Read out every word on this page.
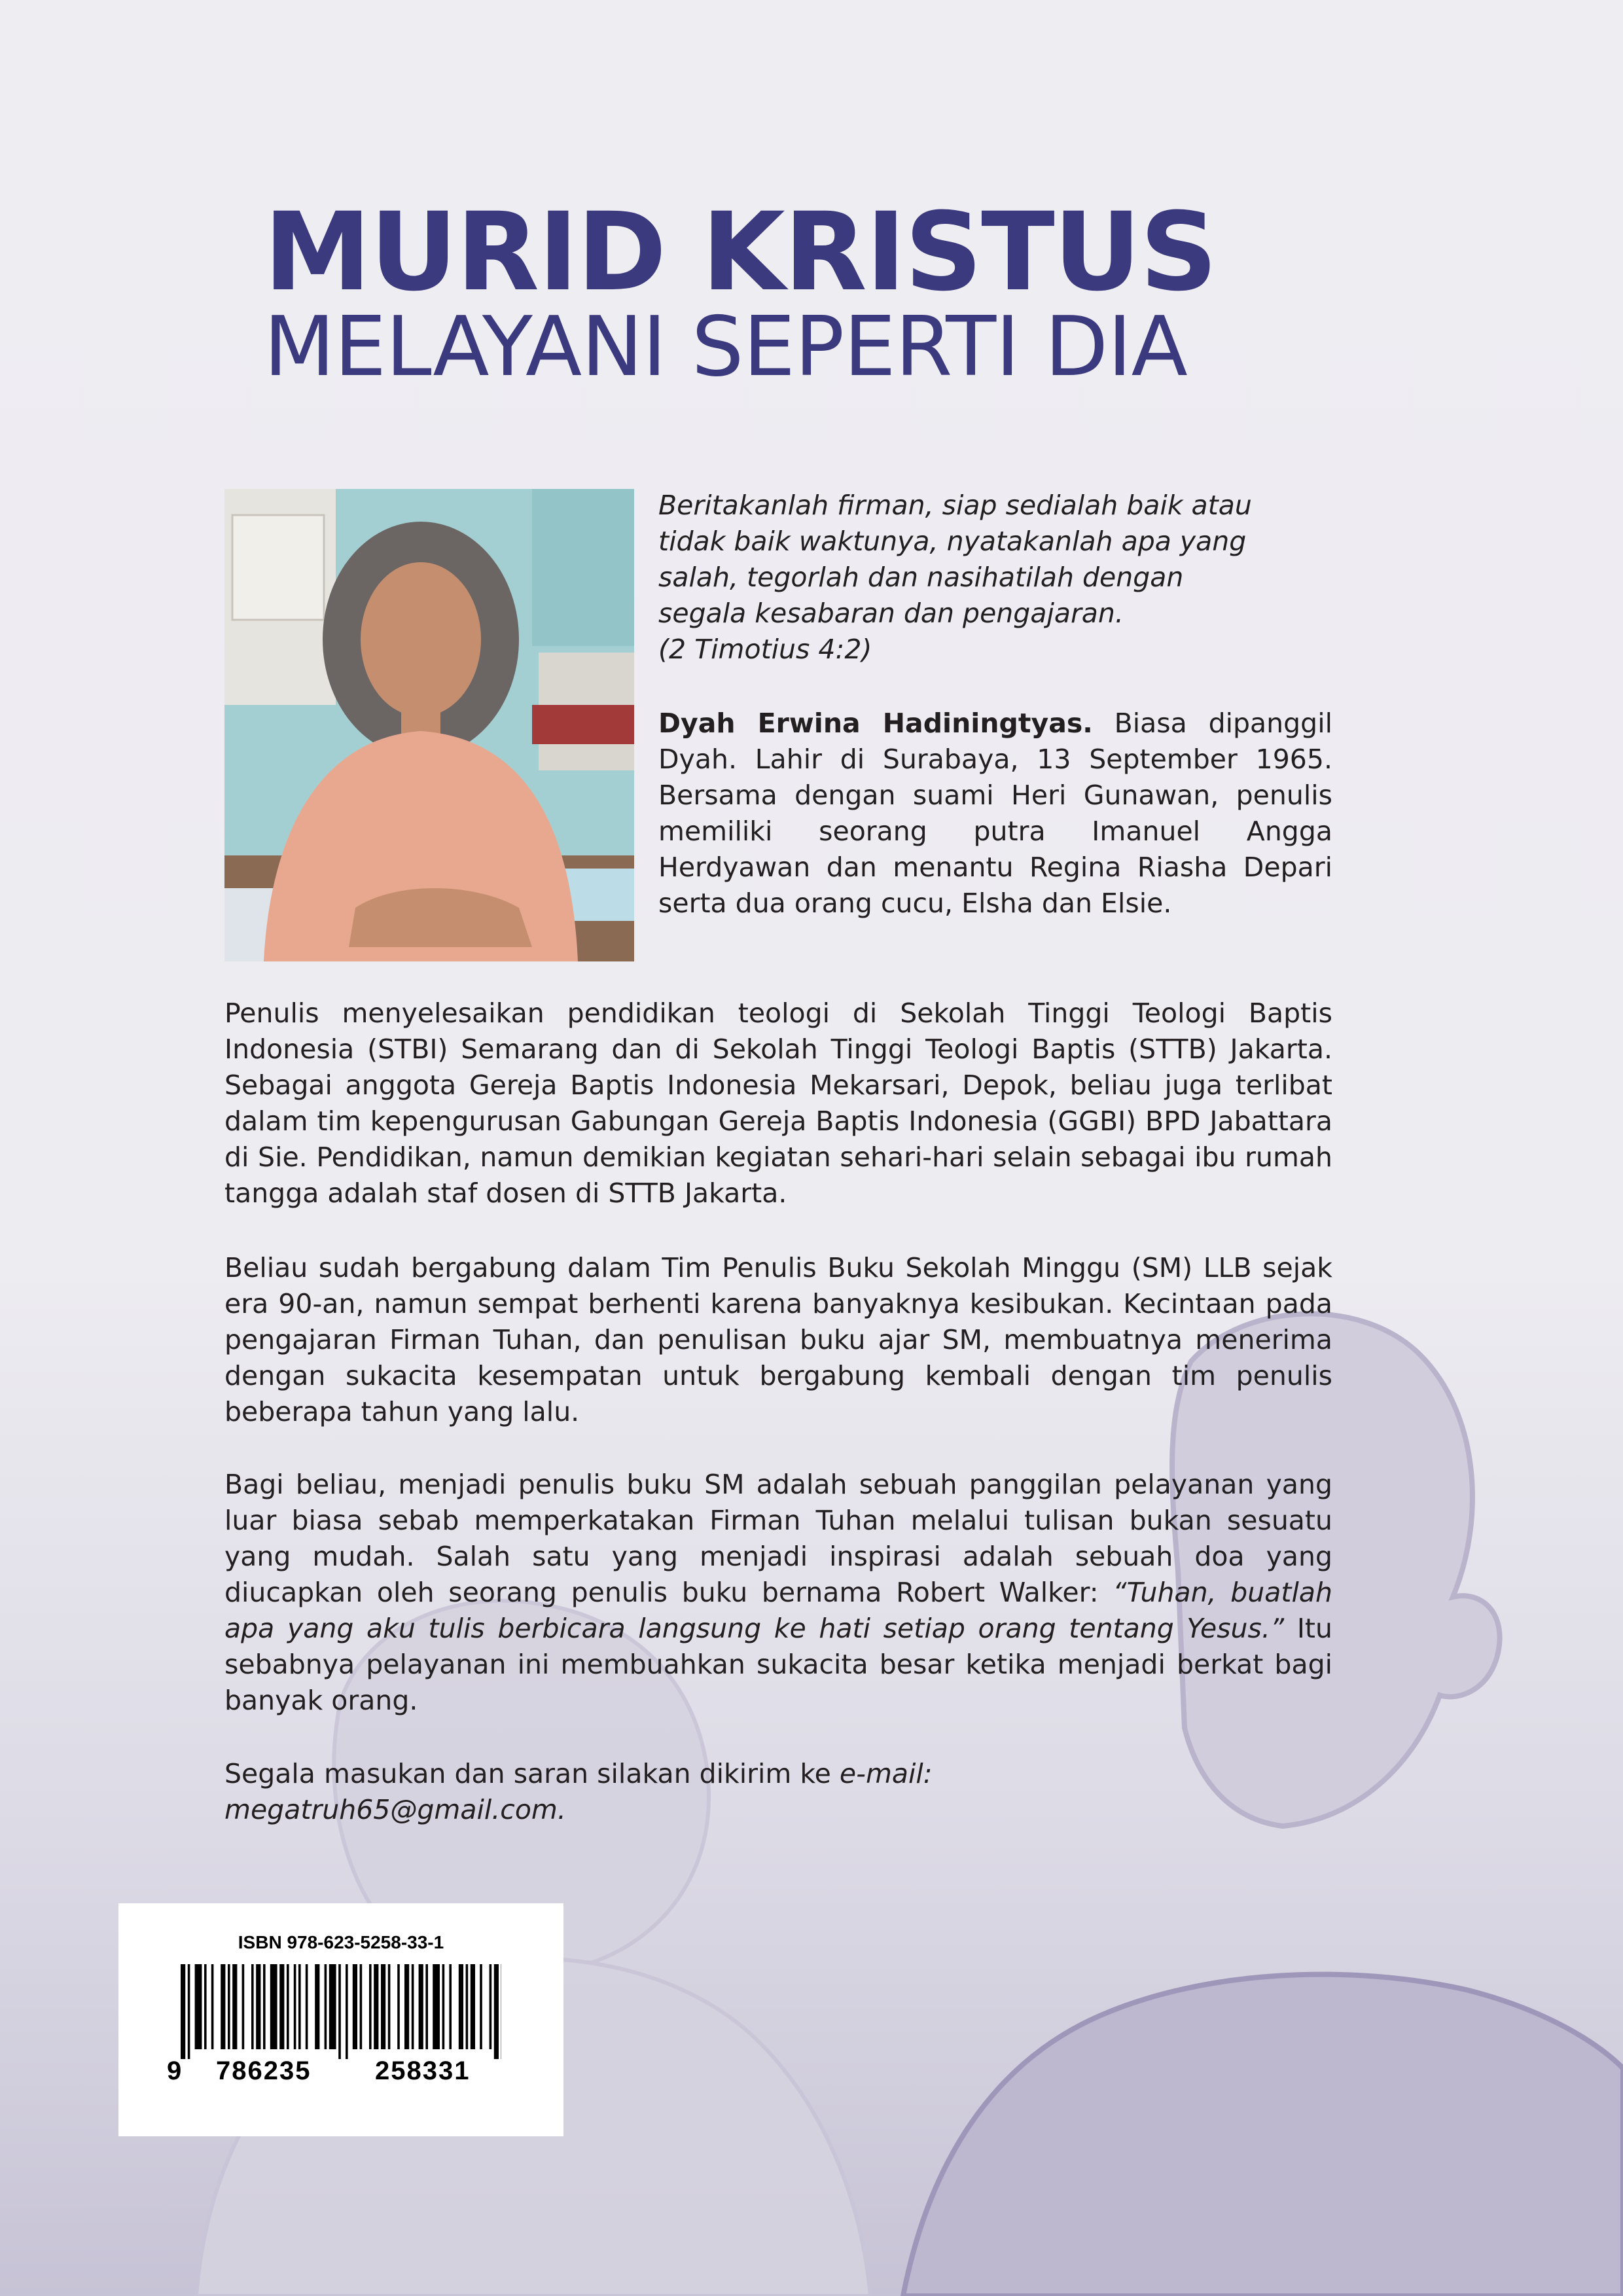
MURID KRISTUS
MELAYANI SEPERTI DIA
Beritakanlah firman, siap sedialah baik atau
tidak baik waktunya, nyatakanlah apa yang
salah, tegorlah dan nasihatilah dengan
segala kesabaran dan pengajaran.
(2 Timotius 4:2)

Dyah Erwina Hadiningtyas. Biasa dipanggil Dyah. Lahir di Surabaya, 13 September 1965. Bersama dengan suami Heri Gunawan, penulis memiliki seorang putra Imanuel Angga Herdyawan dan menantu Regina Riasha Depari serta dua orang cucu, Elsha dan Elsie.

Penulis menyelesaikan pendidikan teologi di Sekolah Tinggi Teologi Baptis Indonesia (STBI) Semarang dan di Sekolah Tinggi Teologi Baptis (STTB) Jakarta. Sebagai anggota Gereja Baptis Indonesia Mekarsari, Depok, beliau juga terlibat dalam tim kepengurusan Gabungan Gereja Baptis Indonesia (GGBI) BPD Jabattara di Sie. Pendidikan, namun demikian kegiatan sehari-hari selain sebagai ibu rumah tangga adalah staf dosen di STTB Jakarta.

Beliau sudah bergabung dalam Tim Penulis Buku Sekolah Minggu (SM) LLB sejak era 90-an, namun sempat berhenti karena banyaknya kesibukan. Kecintaan pada pengajaran Firman Tuhan, dan penulisan buku ajar SM, membuatnya menerima dengan sukacita kesempatan untuk bergabung kembali dengan tim penulis beberapa tahun yang lalu.

Bagi beliau, menjadi penulis buku SM adalah sebuah panggilan pelayanan yang luar biasa sebab memperkatakan Firman Tuhan melalui tulisan bukan sesuatu yang mudah. Salah satu yang menjadi inspirasi adalah sebuah doa yang diucapkan oleh seorang penulis buku bernama Robert Walker: “Tuhan, buatlah apa yang aku tulis berbicara langsung ke hati setiap orang tentang Yesus.” Itu sebabnya pelayanan ini membuahkan sukacita besar ketika menjadi berkat bagi banyak orang.

Segala masukan dan saran silakan dikirim ke e-mail:
megatruh65@gmail.com.

ISBN 978-623-5258-33-1
9 786235 258331
